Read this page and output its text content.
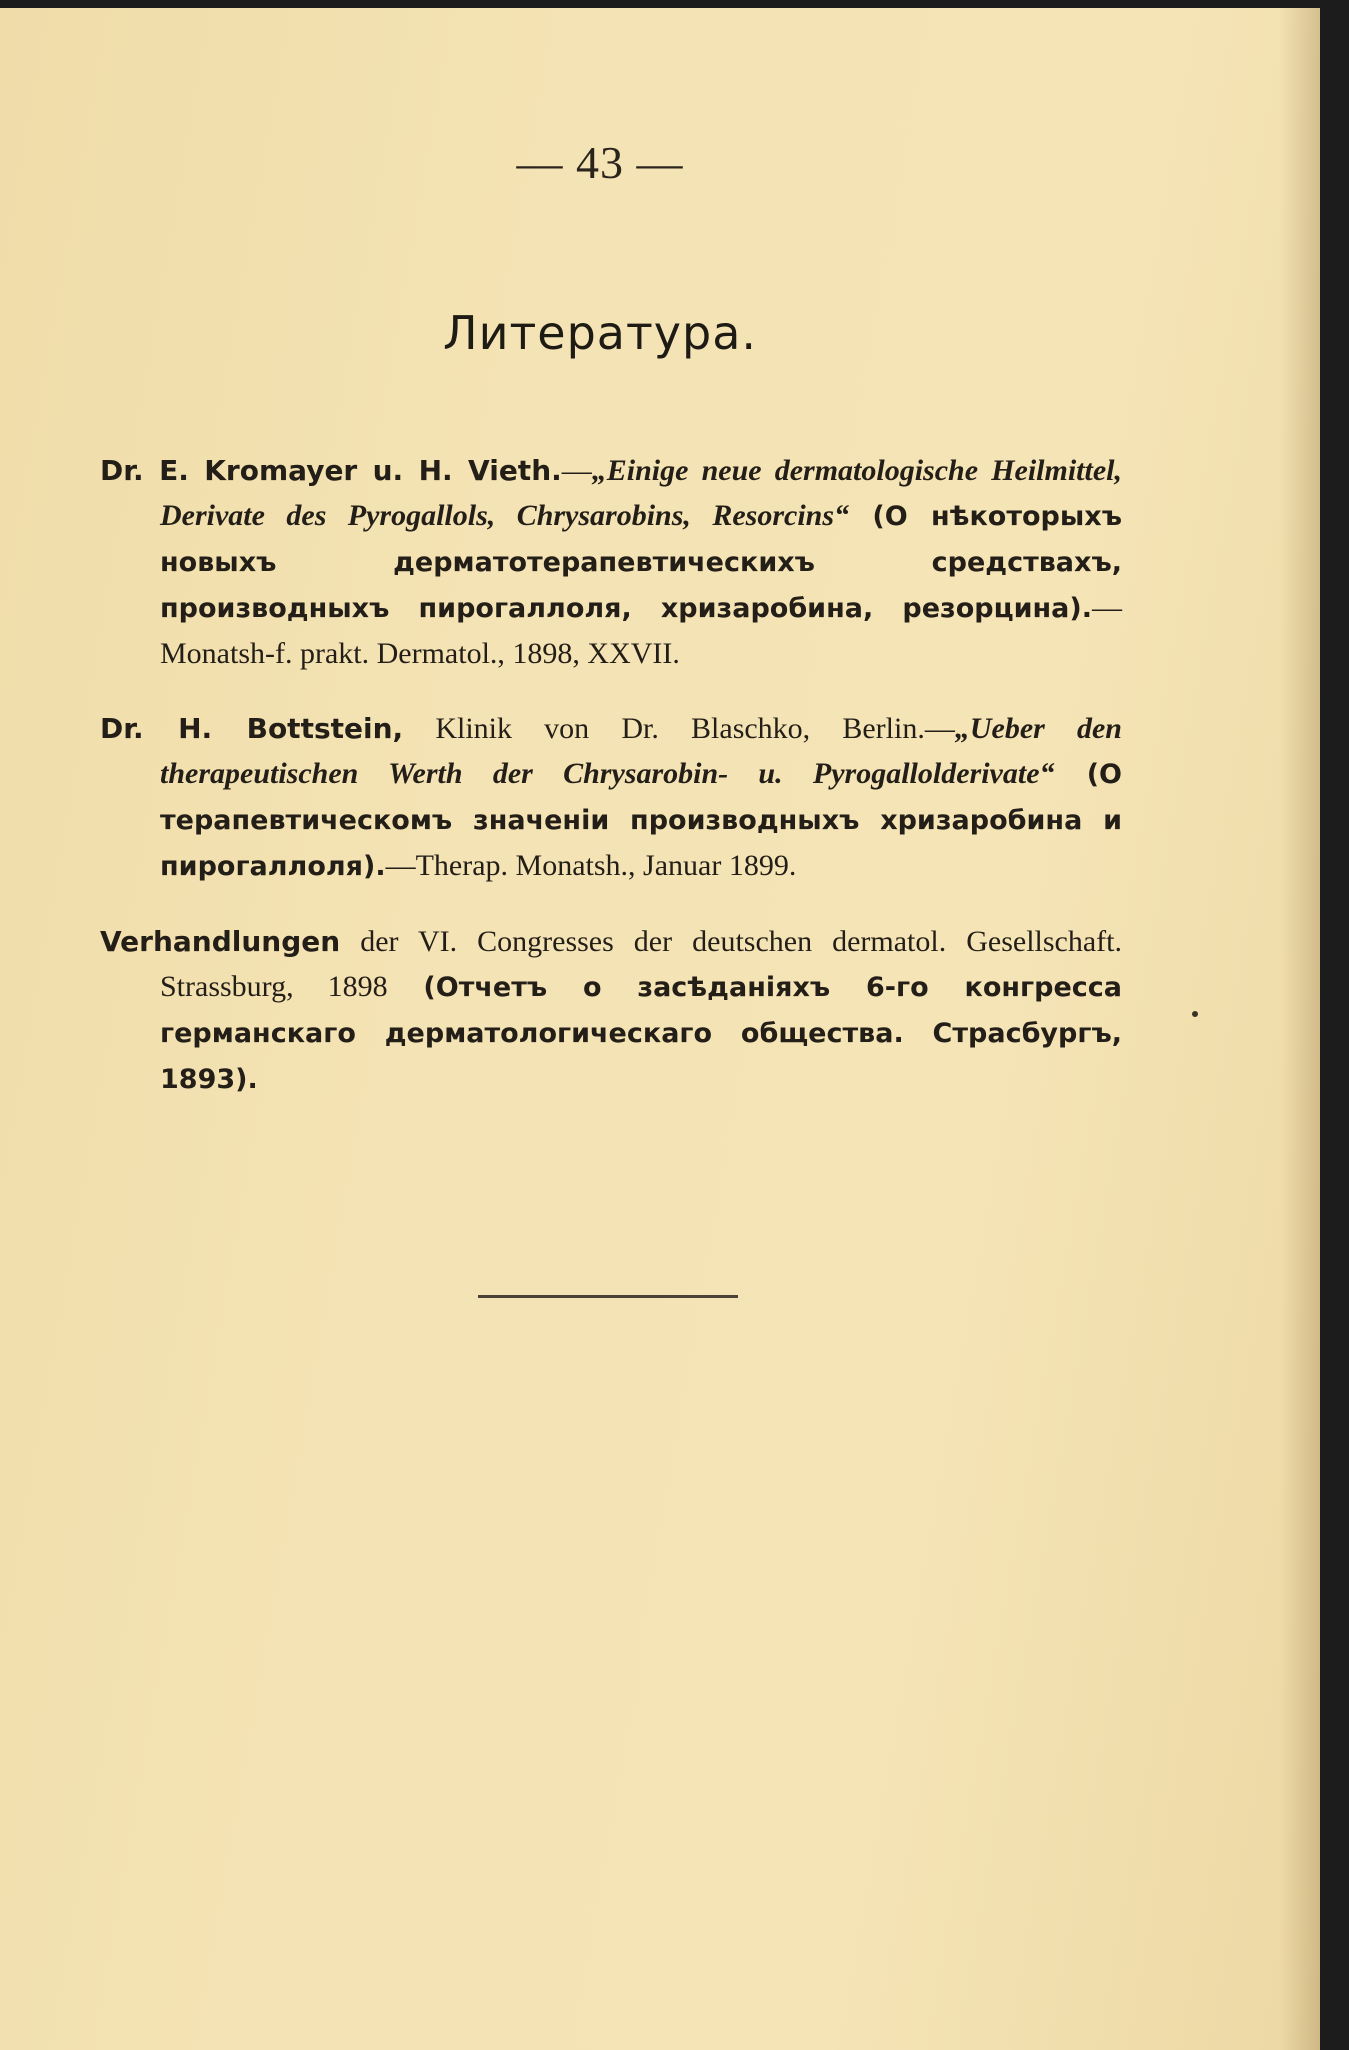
— 43 —
Литература.

Dr. E. Kromayer u. H. Vieth.—„Einige neue dermatologische Heilmittel, Derivate des Pyrogallols, Chrysarobins, Resorcins“ (О нѣкоторыхъ новыхъ дерматотерапевтическихъ средствахъ, производныхъ пирогаллоля, хризаробина, резорцина).—Monatsh-f. prakt. Dermatol., 1898, XXVII.

Dr. H. Bottstein, Klinik von Dr. Blaschko, Berlin.—„Ueber den therapeutischen Werth der Chrysarobin- u. Pyrogallolderivate“ (О терапевтическомъ значенiи производныхъ хризаробина и пирогаллоля).—Therap. Monatsh., Januar 1899.

Verhandlungen der VI. Congresses der deutschen dermatol. Gesellschaft. Strassburg, 1898 (Отчетъ о засѣданiяхъ 6-го конгресса германскаго дерматологическаго общества. Страсбургъ, 1893).
